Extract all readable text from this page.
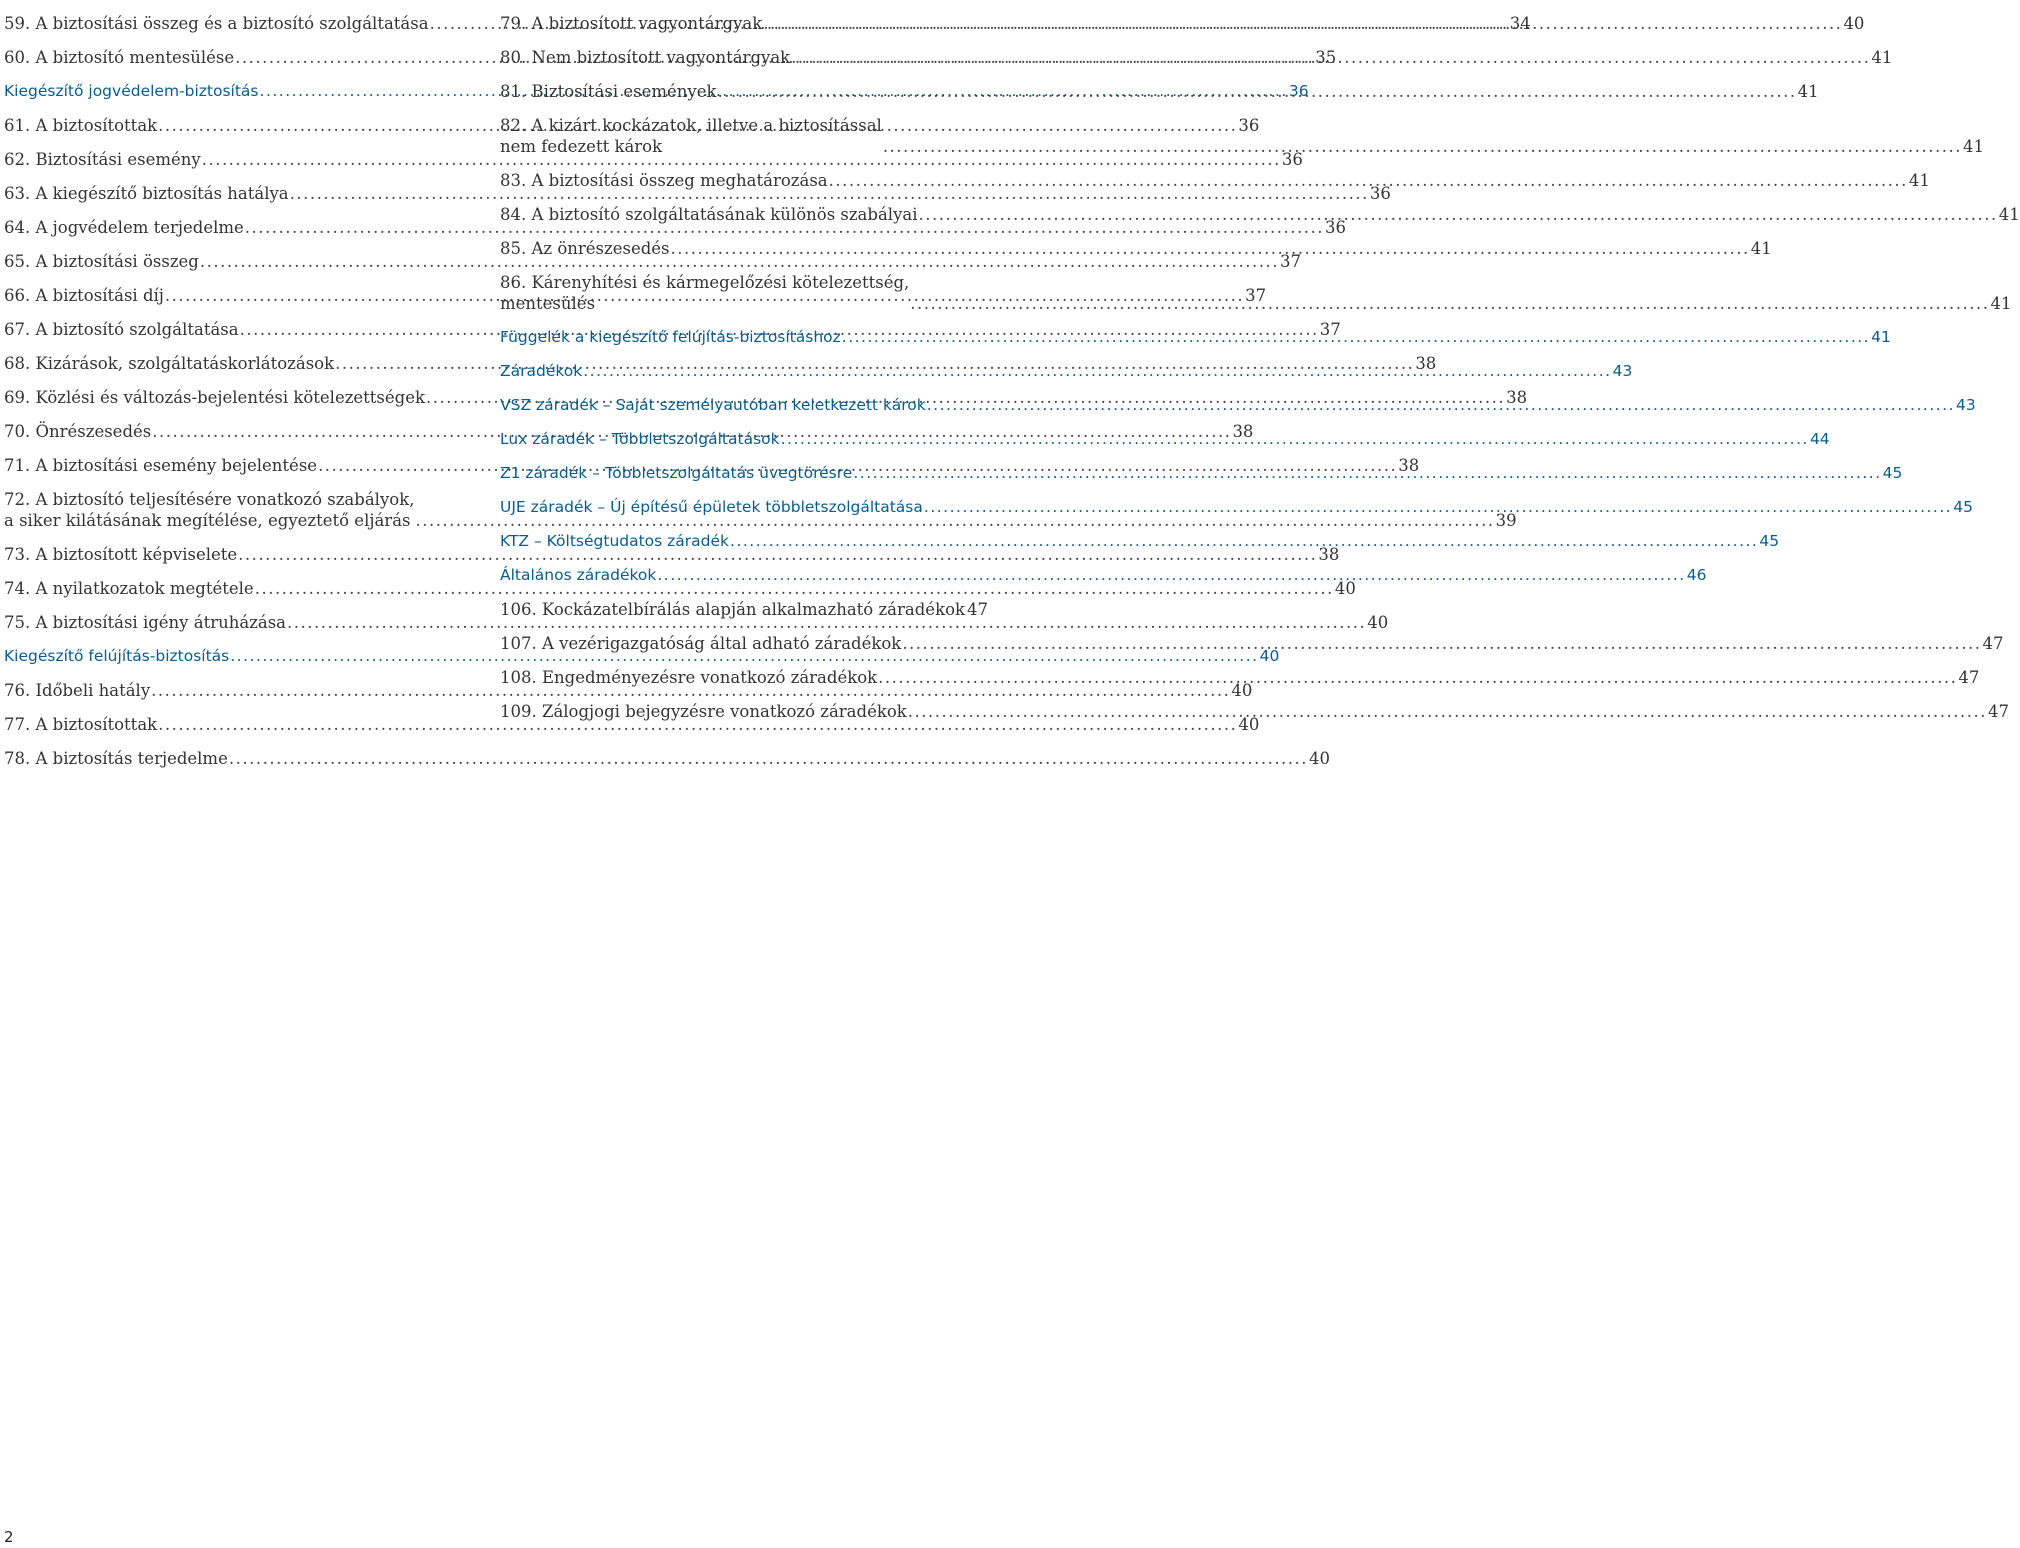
59. A biztosítási összeg és a biztosító szolgáltatása .....	34
60. A biztosító mentesülése .....	35
Kiegészítő jogvédelem-biztosítás .....	36
61. A biztosítottak .....	36
62. Biztosítási esemény .....	36
63. A kiegészítő biztosítás hatálya .....	36
64. A jogvédelem terjedelme .....	36
65. A biztosítási összeg .....	37
66. A biztosítási díj .....	37
67. A biztosító szolgáltatása .....	37
68. Kizárások, szolgáltatáskorlátozások .....	38
69. Közlési és változás-bejelentési kötelezettségek .....	38
70. Önrészesedés .....	38
71. A biztosítási esemény bejelentése .....	38
72. A biztosító teljesítésére vonatkozó szabályok,
a siker kilátásának megítélése, egyeztető eljárás .....	39
73. A biztosított képviselete .....	38
74. A nyilatkozatok megtétele .....	40
75. A biztosítási igény átruházása .....	40
Kiegészítő felújítás-biztosítás .....	40
76. Időbeli hatály .....	40
77. A biztosítottak .....	40
78. A biztosítás terjedelme .....	40
79. A biztosított vagyontárgyak .....	40
80. Nem biztosított vagyontárgyak .....	41
81. Biztosítási események .....	41
82. A kizárt kockázatok, illetve a biztosítással
nem fedezett károk .....	41
83. A biztosítási összeg meghatározása .....	41
84. A biztosító szolgáltatásának különös szabályai .....	41
85. Az önrészesedés .....	41
86. Kárenyhítési és kármegelőzési kötelezettség,
mentesülés .....	41
Függelék a kiegészítő felújítás-biztosításhoz .....	41
Záradékok .....	43
VSZ záradék – Saját személyautóban keletkezett károk .....	43
Lux záradék – Többletszolgáltatások .....	44
Z1 záradék – Többletszolgáltatás üvegtörésre .....	45
UJE záradék – Új építésű épületek többletszolgáltatása .....	45
KTZ – Költségtudatos záradék .....	45
Általános záradékok .....	46
106. Kockázatelbírálás alapján alkalmazható záradékok 47
107. A vezérigazgatóság által adható záradékok .....	47
108. Engedményezésre vonatkozó záradékok .....	47
109. Zálogjogi bejegyzésre vonatkozó záradékok .....	47
2
